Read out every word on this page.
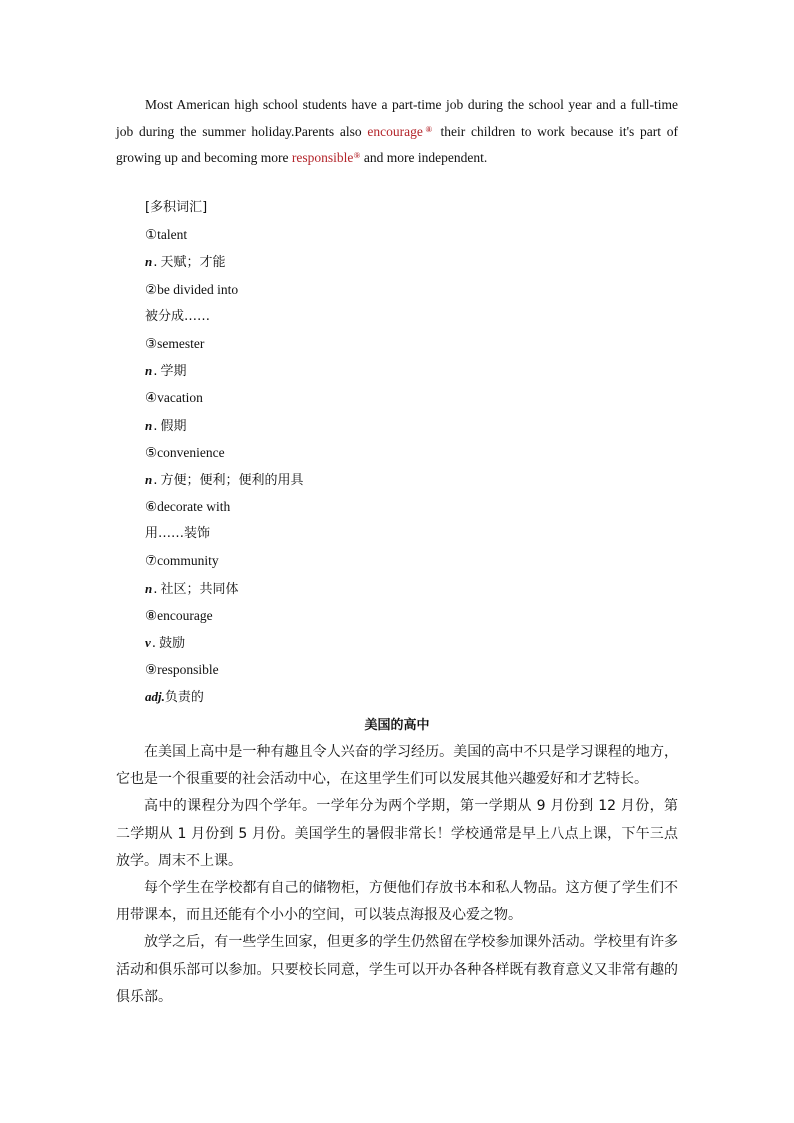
Most American high school students have a part-time job during the school year and a full-time job during the summer holiday.Parents also encourage⑧ their children to work because it's part of growing up and becoming more responsible⑨ and more independent.

[多积词汇]
①talent
n. 天赋；才能
②be divided into
被分成……
③semester
n. 学期
④vacation
n. 假期
⑤convenience
n. 方便；便利；便利的用具
⑥decorate with
用……装饰
⑦community
n. 社区；共同体
⑧encourage
v. 鼓励
⑨responsible
adj.负责的
美国的高中

在美国上高中是一种有趣且令人兴奋的学习经历。美国的高中不只是学习课程的地方，它也是一个很重要的社会活动中心，在这里学生们可以发展其他兴趣爱好和才艺特长。

高中的课程分为四个学年。一学年分为两个学期，第一学期从 9 月份到 12 月份，第二学期从 1 月份到 5 月份。美国学生的暑假非常长！学校通常是早上八点上课，下午三点放学。周末不上课。

每个学生在学校都有自己的储物柜，方便他们存放书本和私人物品。这方便了学生们不用带课本，而且还能有个小小的空间，可以装点海报及心爱之物。

放学之后，有一些学生回家，但更多的学生仍然留在学校参加课外活动。学校里有许多活动和俱乐部可以参加。只要校长同意，学生可以开办各种各样既有教育意义又非常有趣的俱乐部。
